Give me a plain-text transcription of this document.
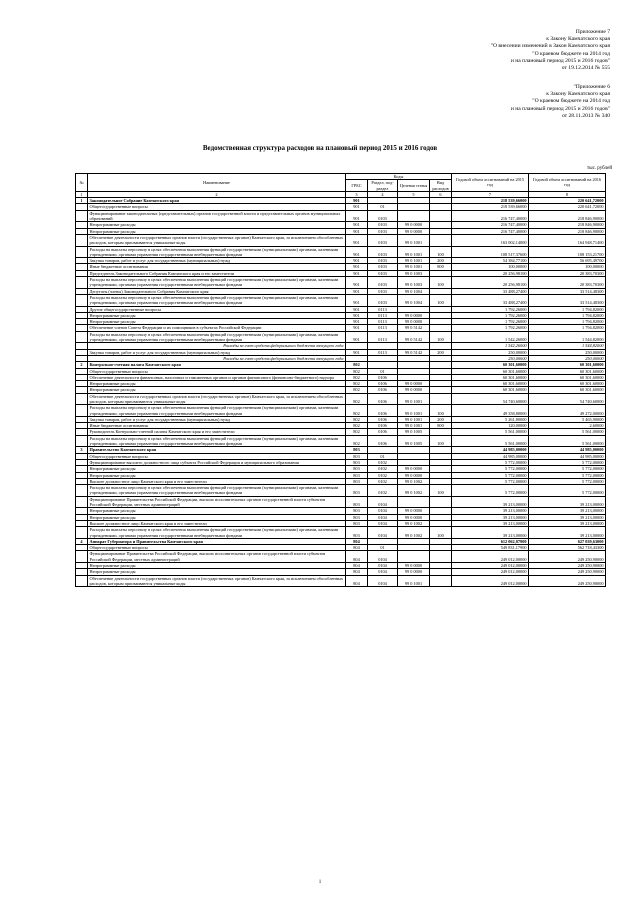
Приложение 7
к Закону Камчатского края
"О внесении изменений в Закон Камчатского края
"О краевом бюджете на 2014 год
и на плановый период 2015 и 2016 годов"
от 19.12.2014 № 555
"Приложение 6
к Закону Камчатского края
"О краевом бюджете на 2014 год
и на плановый период 2015 и 2016 годов"
от 28.11.2013 № 340
Ведомственная структура расходов на плановый период 2015 и 2016 годов
тыс. рублей
№	Наименование	Коды				Годовой объем ассигнований на 2015 год	Годовой объем ассигнований на 2016 год
		ГРБС	Раздел, под-раздел	Целевая статья	Вид расходов		
1	2	3	4	5	6	7	8
1	Законодательное Собрание Камчатского края	901				218 539,66000	220 641,72000
	Общегосударственные вопросы	901	01			218 539,66000	220 641,72000
	Функционирование законодательных (представительных) органов государственной власти и представительных органов муниципальных образований	901	0103			216 747,40000	218 846,90000
	Непрограммные расходы	901	0103	99 0 0000		216 747,40000	218 846,90000
	Непрограммные расходы	901	0103	99 0 0000		216 747,40000	218 846,90000
	Обеспечение деятельности государственных органов власти (государственных органов) Камчатского края, за исключением обособленных расходов, которым присваиваются уникальные коды	901	0103	99 0 1001		163 002,14000	164 948,71400
	Расходы на выплаты персоналу в целях обеспечения выполнения функций государственными (муниципальными) органами, казенными учреждениями, органами управления государственными внебюджетными фондами	901	0103	99 0 1001	100	108 517,37600	108 153,21700
	Закупка товаров, работ и услуг для государственных (муниципальных) нужд	901	0103	99 0 1001	200	54 384,77100	56 695,49700
	Иные бюджетные ассигнования	901	0103	99 0 1001	800	100,00000	100,00000
	Председатель Законодательного Собрания Камчатского края и его заместители	901	0103	99 0 1003		20 256,98100	20 383,70300
	Расходы на выплаты персоналу в целях обеспечения выполнения функций государственными (муниципальными) органами, казенными учреждениями, органами управления государственными внебюджетными фондами	901	0103	99 0 1003	100	20 256,98100	20 383,70300
	Депутаты (члены) Законодательного Собрания Камчатского края	901	0103	99 0 1004		33 488,27400	33 514,48300
	Расходы на выплаты персоналу в целях обеспечения выполнения функций государственными (муниципальными) органами, казенными учреждениями, органами управления государственными внебюджетными фондами	901	0103	99 0 1004	100	33 488,27400	33 514,48300
	Другие общегосударственные вопросы	901	0113			1 792,26000	1 794,82000
	Непрограммные расходы	901	0113	99 0 0000		1 792,26000	1 794,82000
	Непрограммные расходы	901	0113	99 0 0000		1 792,26000	1 794,82000
	Обеспечение членов Совета Федерации и их помощников в субъектах Российской Федерации	901	0113	99 0 5142		1 792,26000	1 794,82000
	Расходы на выплаты персоналу в целях обеспечения выполнения функций государственными (муниципальными) органами, казенными учреждениями, органами управления государственными внебюджетными фондами	901	0113	99 0 5142	100	1 542,26000	1 544,82000
	Расходы за счет средств федерального бюджета текущего года					1 542,26000	1 544,82000
	Закупка товаров, работ и услуг для государственных (муниципальных) нужд	901	0113	99 0 5142	200	250,00000	250,00000
	Расходы за счет средств федерального бюджета текущего года					250,00000	250,00000
2	Контрольно-счетная палата Камчатского края	802				60 301,60000	60 301,60000
	Общегосударственные вопросы	802	01			60 301,60000	60 301,60000
	Обеспечение деятельности финансовых, налоговых и таможенных органов и органов финансового (финансово-бюджетного) надзора	802	0106			60 301,60000	60 301,60000
	Непрограммные расходы	802	0106	99 0 0000		60 301,60000	60 301,60000
	Непрограммные расходы	802	0106	99 0 0000		60 301,60000	60 301,60000
	Обеспечение деятельности государственных органов власти (государственных органов) Камчатского края, за исключением обособленных расходов, которым присваиваются уникальные коды	802	0106	99 0 1001		54 740,60000	54 740,60000
	Расходы на выплаты персоналу в целях обеспечения выполнения функций государственными (муниципальными) органами, казенными учреждениями, органами управления государственными внебюджетными фондами	802	0106	99 0 1001	100	49 358,80000	49 272,00000
	Закупка товаров, работ и услуг для государственных (муниципальных) нужд	802	0106	99 0 1001	200	5 261,80000	5 465,90000
	Иные бюджетные ассигнования	802	0106	99 0 1001	800	120,00000	2,60000
	Руководитель Контрольно-счетной палаты Камчатского края и его заместители	802	0106	99 0 1005		5 561,00000	5 561,00000
	Расходы на выплаты персоналу в целях обеспечения выполнения функций государственными (муниципальными) органами, казенными учреждениями, органами управления государственными внебюджетными фондами	802	0106	99 0 1005	100	5 561,00000	5 561,00000
3	Правительство Камчатского края	803				44 985,00000	44 985,00000
	Общегосударственные вопросы	803	01			44 985,00000	44 985,00000
	Функционирование высшего должностного лица субъекта Российской Федерации и муниципального образования	803	0102			5 772,00000	5 772,00000
	Непрограммные расходы	803	0102	99 0 0000		5 772,00000	5 772,00000
	Непрограммные расходы	803	0102	99 0 0000		5 772,00000	5 772,00000
	Высшее должностное лицо Камчатского края и его заместители	803	0102	99 0 1002		5 772,00000	5 772,00000
	Расходы на выплаты персоналу в целях обеспечения выполнения функций государственными (муниципальными) органами, казенными учреждениями, органами управления государственными внебюджетными фондами	803	0102	99 0 1002	100	5 772,00000	5 772,00000
	Функционирование Правительства Российской Федерации, высших исполнительных органов государственной власти субъектов Российской Федерации, местных администраций	803	0104			39 213,00000	39 213,00000
	Непрограммные расходы	803	0104	99 0 0000		39 213,00000	39 213,00000
	Непрограммные расходы	803	0104	99 0 0000		39 213,00000	39 213,00000
	Высшее должностное лицо Камчатского края и его заместители	803	0104	99 0 1002		39 213,00000	39 213,00000
	Расходы на выплаты персоналу в целях обеспечения выполнения функций государственными (муниципальными) органами, казенными учреждениями, органами управления государственными внебюджетными фондами	803	0104	99 0 1002	100	39 213,00000	39 213,00000
4	Аппарат Губернатора и Правительства Камчатского края	804				612 062,07900	627 039,63000
	Общегосударственные вопросы	804	01			549 831,17900	562 718,43300
	Функционирование Правительства Российской Федерации, высших исполнительных органов государственной власти субъектов Российской Федерации, местных администраций	804	0104			249 012,00000	249 250,90000
	Непрограммные расходы	804	0104	99 0 0000		249 012,00000	249 250,90000
	Непрограммные расходы	804	0104	99 0 0000		249 012,00000	249 250,90000
	Обеспечение деятельности государственных органов власти (государственных органов) Камчатского края, за исключением обособленных расходов, которым присваиваются уникальные коды	804	0104	99 0 1001		249 012,00000	249 250,90000
1
